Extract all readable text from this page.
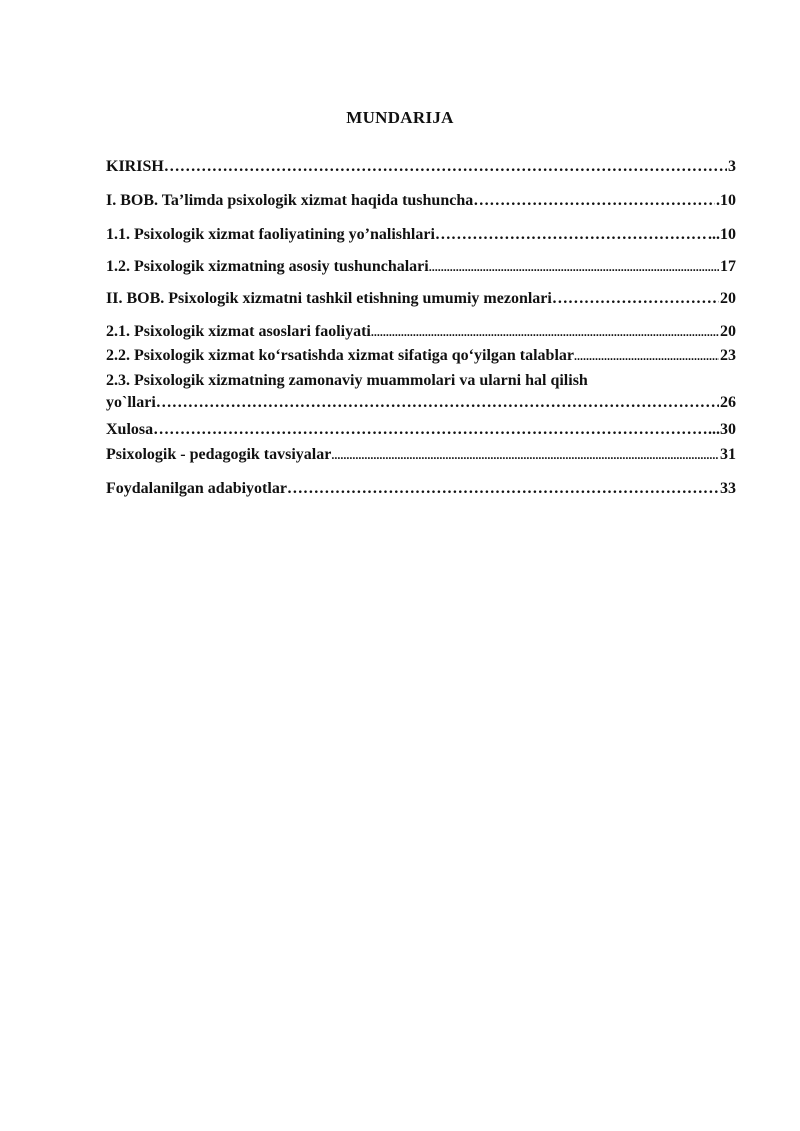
MUNDARIJA
KIRISH ……………………………………………………………………………………………………………………………………………………	3
I. BOB. Ta’limda psixologik xizmat haqida tushuncha ……………………………………………………………………………………………………………………………………………………	.10
1.1. Psixologik xizmat faoliyatining yo’nalishlari ……………………………………………………………………………………………………………………………………………………	...10
1.2. Psixologik xizmatning asosiy tushunchalari .....	17
II. BOB. Psixologik xizmatni tashkil etishning umumiy mezonlari ……………………………………………………………………………………………………………………………………………………	20
2.1. Psixologik xizmat asoslari faoliyati .....	20
2.2. Psixologik xizmat ko‘rsatishda xizmat sifatiga qo‘yilgan talablar .....	23
2.3. Psixologik xizmatning zamonaviy muammolari va ularni hal qilish
yo`llari ……………………………………………………………………………………………………………………………………………………	26
Xulosa ……………………………………………………………………………………………………………………………………………………	...30
Psixologik - pedagogik tavsiyalar .....	31
Foydalanilgan adabiyotlar ……………………………………………………………………………………………………………………………………………………	33
